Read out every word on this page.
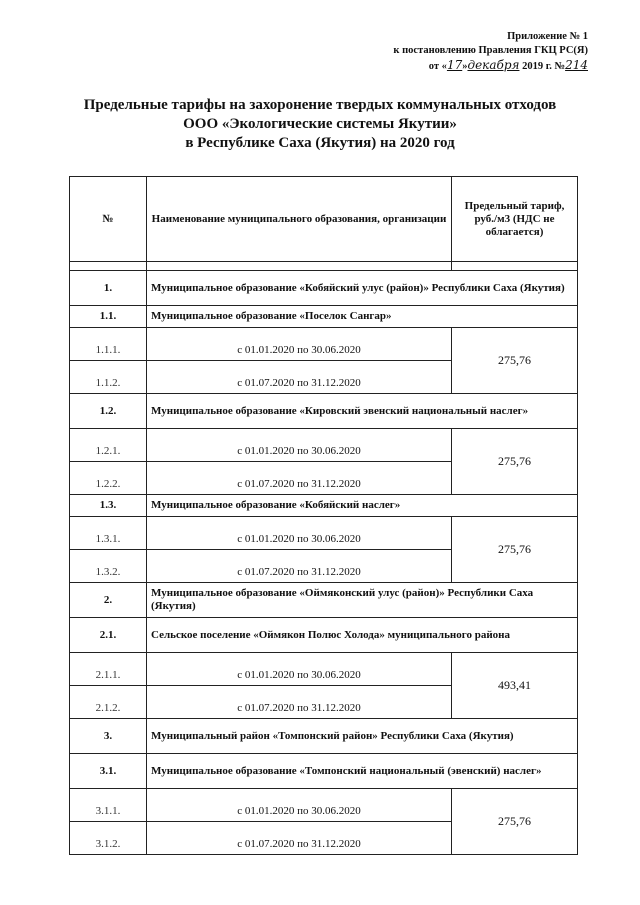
Приложение № 1
к постановлению Правления ГКЦ РС(Я)
от «17»декабря 2019 г. №214
Предельные тарифы на захоронение твердых коммунальных отходов
ООО «Экологические системы Якутии»
в Республике Саха (Якутия) на 2020 год
№	Наименование муниципального образования, организации	Предельный тариф, руб./м3 (НДС не облагается)

1.	Муниципальное образование «Кобяйский улус (район)» Республики Саха (Якутия)	
1.1.	Муниципальное образование «Поселок Сангар»	
1.1.1.	с 01.01.2020 по 30.06.2020	275,76
1.1.2.	с 01.07.2020 по 31.12.2020	
1.2.	Муниципальное образование «Кировский эвенский национальный наслег»	
1.2.1.	с 01.01.2020 по 30.06.2020	275,76
1.2.2.	с 01.07.2020 по 31.12.2020	
1.3.	Муниципальное образование «Кобяйский наслег»	
1.3.1.	с 01.01.2020 по 30.06.2020	275,76
1.3.2.	с 01.07.2020 по 31.12.2020	
2.	Муниципальное образование «Оймяконский улус (район)» Республики Саха (Якутия)	
2.1.	Сельское поселение «Оймякон Полюс Холода» муниципального района	
2.1.1.	с 01.01.2020 по 30.06.2020	493,41
2.1.2.	с 01.07.2020 по 31.12.2020	
3.	Муниципальный район «Томпонский район» Республики Саха (Якутия)	
3.1.	Муниципальное образование «Томпонский национальный (эвенский) наслег»	
3.1.1.	с 01.01.2020 по 30.06.2020	275,76
3.1.2.	с 01.07.2020 по 31.12.2020	
